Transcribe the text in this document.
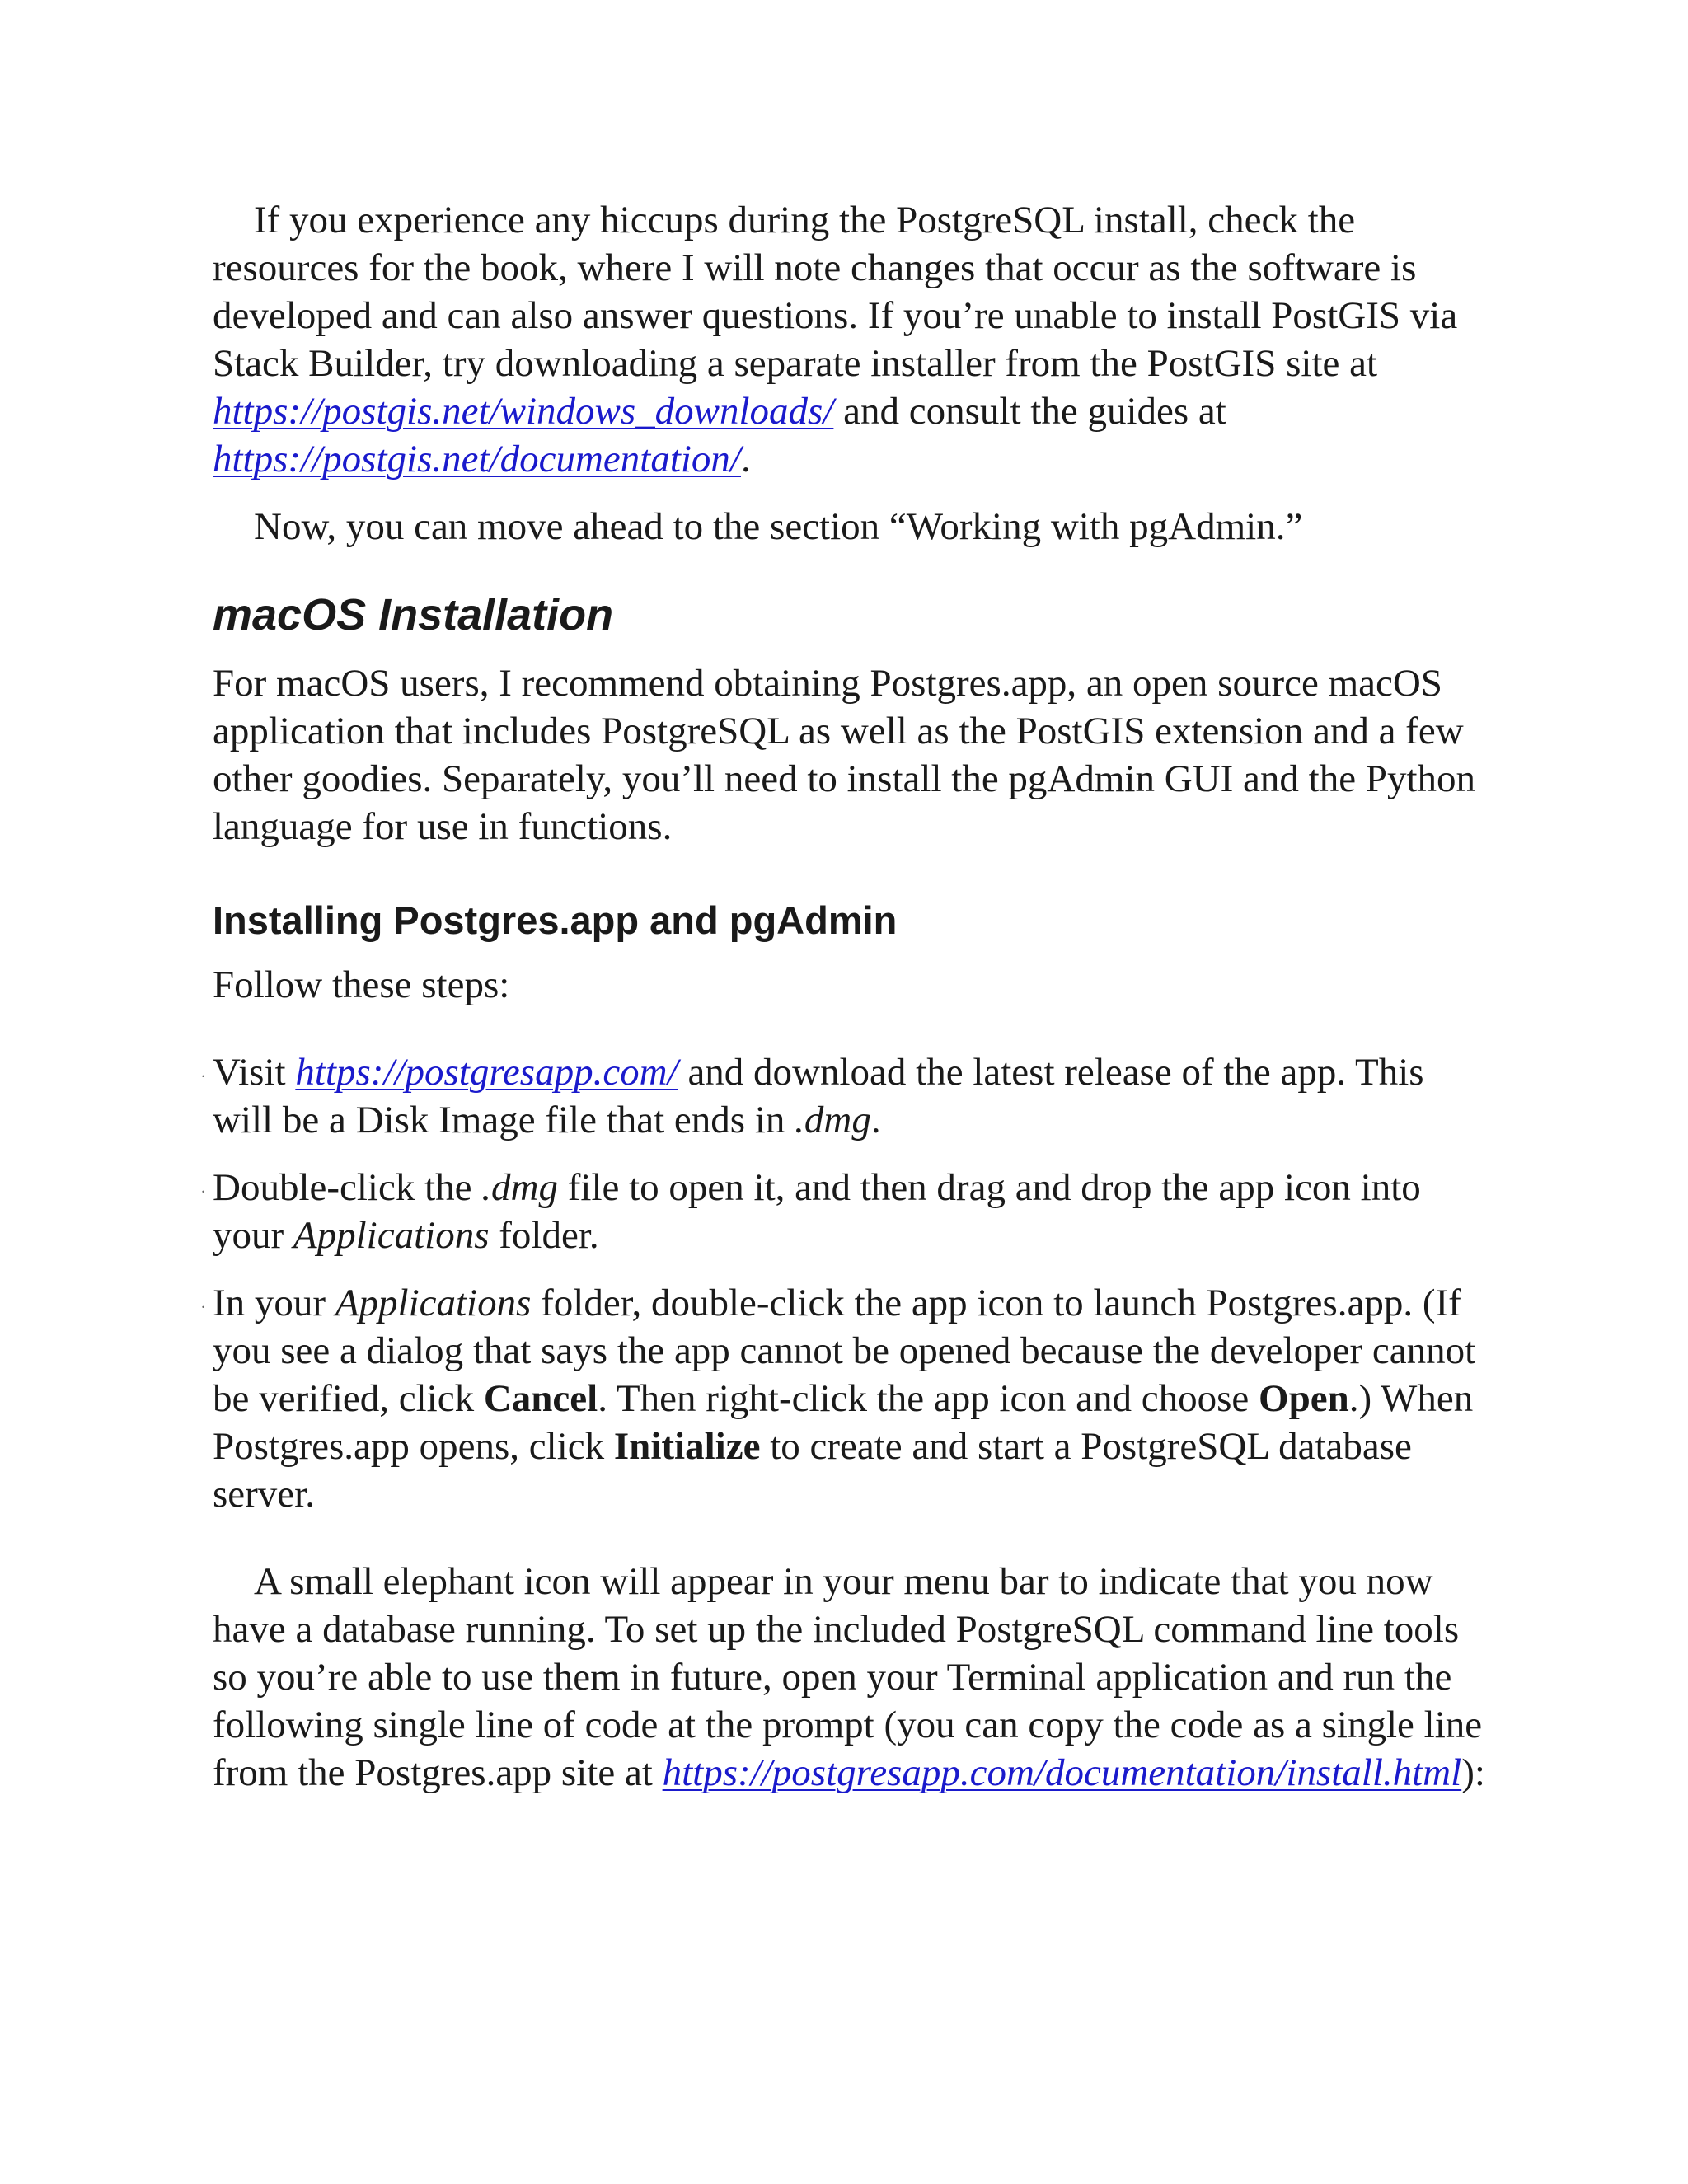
If you experience any hiccups during the PostgreSQL install, check the resources for the book, where I will note changes that occur as the software is developed and can also answer questions. If you’re unable to install PostGIS via Stack Builder, try downloading a separate installer from the PostGIS site at https://postgis.net/windows_downloads/ and consult the guides at https://postgis.net/documentation/.

Now, you can move ahead to the section “Working with pgAdmin.”

macOS Installation

For macOS users, I recommend obtaining Postgres.app, an open source macOS application that includes PostgreSQL as well as the PostGIS extension and a few other goodies. Separately, you’ll need to install the pgAdmin GUI and the Python language for use in functions.

Installing Postgres.app and pgAdmin

Follow these steps:

. Visit https://postgresapp.com/ and download the latest release of the app. This will be a Disk Image file that ends in .dmg.
. Double-click the .dmg file to open it, and then drag and drop the app icon into your Applications folder.
. In your Applications folder, double-click the app icon to launch Postgres.app. (If you see a dialog that says the app cannot be opened because the developer cannot be verified, click Cancel. Then right-click the app icon and choose Open.) When Postgres.app opens, click Initialize to create and start a PostgreSQL database server.

A small elephant icon will appear in your menu bar to indicate that you now have a database running. To set up the included PostgreSQL command line tools so you’re able to use them in future, open your Terminal application and run the following single line of code at the prompt (you can copy the code as a single line from the Postgres.app site at https://postgresapp.com/documentation/install.html):
